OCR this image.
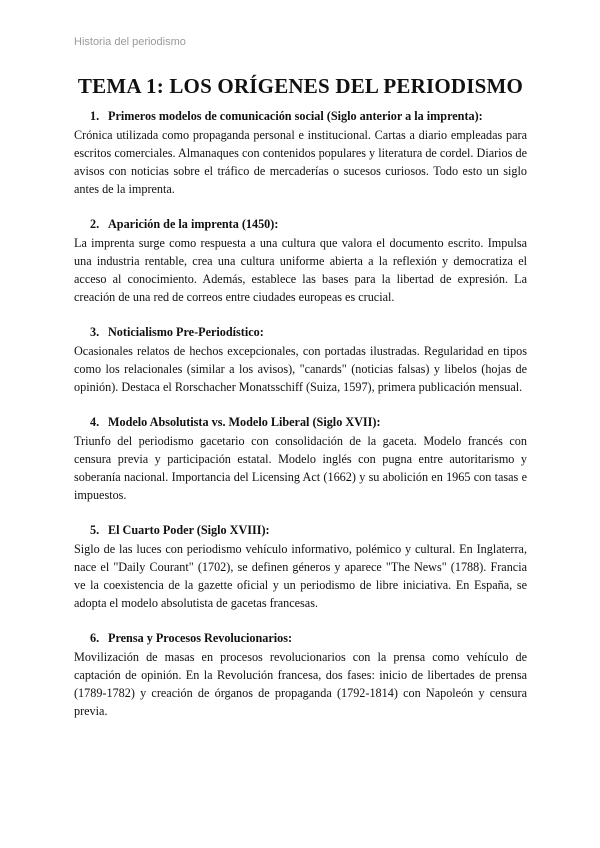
Historia del periodismo
TEMA 1: LOS ORÍGENES DEL PERIODISMO
1. Primeros modelos de comunicación social (Siglo anterior a la imprenta):

Crónica utilizada como propaganda personal e institucional. Cartas a diario empleadas para escritos comerciales. Almanaques con contenidos populares y literatura de cordel. Diarios de avisos con noticias sobre el tráfico de mercaderías o sucesos curiosos. Todo esto un siglo antes de la imprenta.

2. Aparición de la imprenta (1450):

La imprenta surge como respuesta a una cultura que valora el documento escrito. Impulsa una industria rentable, crea una cultura uniforme abierta a la reflexión y democratiza el acceso al conocimiento. Además, establece las bases para la libertad de expresión. La creación de una red de correos entre ciudades europeas es crucial.

3. Noticialismo Pre-Periodístico:

Ocasionales relatos de hechos excepcionales, con portadas ilustradas. Regularidad en tipos como los relacionales (similar a los avisos), "canards" (noticias falsas) y libelos (hojas de opinión). Destaca el Rorschacher Monatsschiff (Suiza, 1597), primera publicación mensual.

4. Modelo Absolutista vs. Modelo Liberal (Siglo XVII):

Triunfo del periodismo gacetario con consolidación de la gaceta. Modelo francés con censura previa y participación estatal. Modelo inglés con pugna entre autoritarismo y soberanía nacional. Importancia del Licensing Act (1662) y su abolición en 1965 con tasas e impuestos.

5. El Cuarto Poder (Siglo XVIII):

Siglo de las luces con periodismo vehículo informativo, polémico y cultural. En Inglaterra, nace el "Daily Courant" (1702), se definen géneros y aparece "The News" (1788). Francia ve la coexistencia de la gazette oficial y un periodismo de libre iniciativa. En España, se adopta el modelo absolutista de gacetas francesas.

6. Prensa y Procesos Revolucionarios:

Movilización de masas en procesos revolucionarios con la prensa como vehículo de captación de opinión. En la Revolución francesa, dos fases: inicio de libertades de prensa (1789-1782) y creación de órganos de propaganda (1792-1814) con Napoleón y censura previa.
